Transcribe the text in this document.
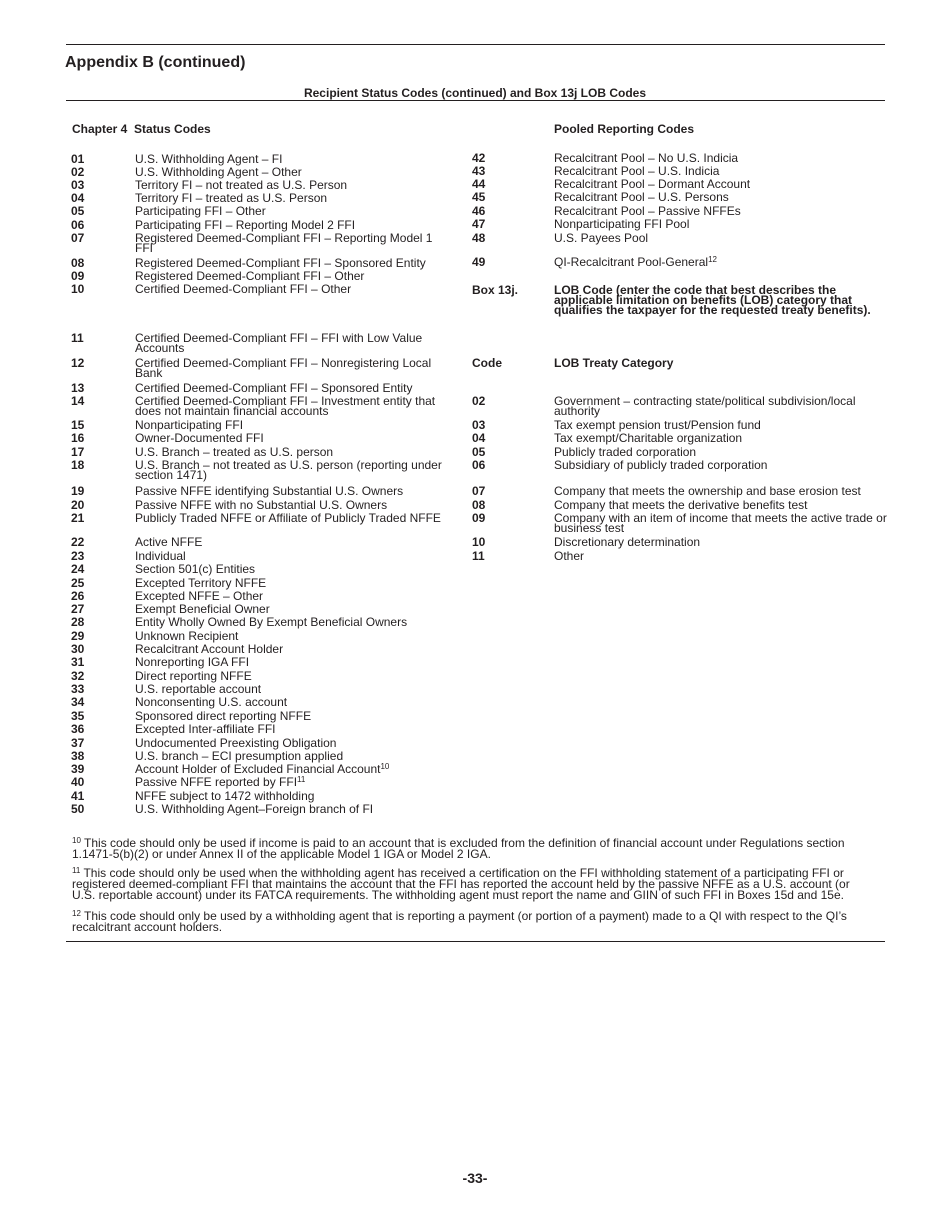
Appendix B (continued)
Recipient Status Codes (continued) and Box 13j LOB Codes
Chapter 4  Status Codes	Pooled Reporting Codes
01	U.S. Withholding Agent – FI
02	U.S. Withholding Agent – Other
03	Territory FI – not treated as U.S. Person
04	Territory FI – treated as U.S. Person
05	Participating FFI – Other
06	Participating FFI – Reporting Model 2 FFI
07	Registered Deemed-Compliant FFI – Reporting Model 1 FFI
08	Registered Deemed-Compliant FFI – Sponsored Entity
09	Registered Deemed-Compliant FFI – Other
10	Certified Deemed-Compliant FFI – Other
11	Certified Deemed-Compliant FFI – FFI with Low Value Accounts
12	Certified Deemed-Compliant FFI – Nonregistering Local Bank
13	Certified Deemed-Compliant FFI – Sponsored Entity
14	Certified Deemed-Compliant FFI – Investment entity that does not maintain financial accounts
15	Nonparticipating FFI
16	Owner-Documented FFI
17	U.S. Branch – treated as U.S. person
18	U.S. Branch – not treated as U.S. person (reporting under section 1471)
19	Passive NFFE identifying Substantial U.S. Owners
20	Passive NFFE with no Substantial U.S. Owners
21	Publicly Traded NFFE or Affiliate of Publicly Traded NFFE
22	Active NFFE
23	Individual
24	Section 501(c) Entities
25	Excepted Territory NFFE
26	Excepted NFFE – Other
27	Exempt Beneficial Owner
28	Entity Wholly Owned By Exempt Beneficial Owners
29	Unknown Recipient
30	Recalcitrant Account Holder
31	Nonreporting IGA FFI
32	Direct reporting NFFE
33	U.S. reportable account
34	Nonconsenting U.S. account
35	Sponsored direct reporting NFFE
36	Excepted Inter-affiliate FFI
37	Undocumented Preexisting Obligation
38	U.S. branch – ECI presumption applied
39	Account Holder of Excluded Financial Account$^{10}$
40	Passive NFFE reported by FFI$^{11}$
41	NFFE subject to 1472 withholding
50	U.S. Withholding Agent–Foreign branch of FI
42	Recalcitrant Pool – No U.S. Indicia
43	Recalcitrant Pool – U.S. Indicia
44	Recalcitrant Pool – Dormant Account
45	Recalcitrant Pool – U.S. Persons
46	Recalcitrant Pool – Passive NFFEs
47	Nonparticipating FFI Pool
48	U.S. Payees Pool
49	QI-Recalcitrant Pool-General$^{12}$
Box 13j.	LOB Code (enter the code that best describes the applicable limitation on benefits (LOB) category that qualifies the taxpayer for the requested treaty benefits).
Code	LOB Treaty Category
02	Government – contracting state/political subdivision/local authority
03	Tax exempt pension trust/Pension fund
04	Tax exempt/Charitable organization
05	Publicly traded corporation
06	Subsidiary of publicly traded corporation
07	Company that meets the ownership and base erosion test
08	Company that meets the derivative benefits test
09	Company with an item of income that meets the active trade or business test
10	Discretionary determination
11	Other
$^{10}$ This code should only be used if income is paid to an account that is excluded from the definition of financial account under Regulations section 1.1471-5(b)(2) or under Annex II of the applicable Model 1 IGA or Model 2 IGA.
$^{11}$ This code should only be used when the withholding agent has received a certification on the FFI withholding statement of a participating FFI or registered deemed-compliant FFI that maintains the account that the FFI has reported the account held by the passive NFFE as a U.S. account (or U.S. reportable account) under its FATCA requirements. The withholding agent must report the name and GIIN of such FFI in Boxes 15d and 15e.
$^{12}$ This code should only be used by a withholding agent that is reporting a payment (or portion of a payment) made to a QI with respect to the QI’s recalcitrant account holders.
-33-
